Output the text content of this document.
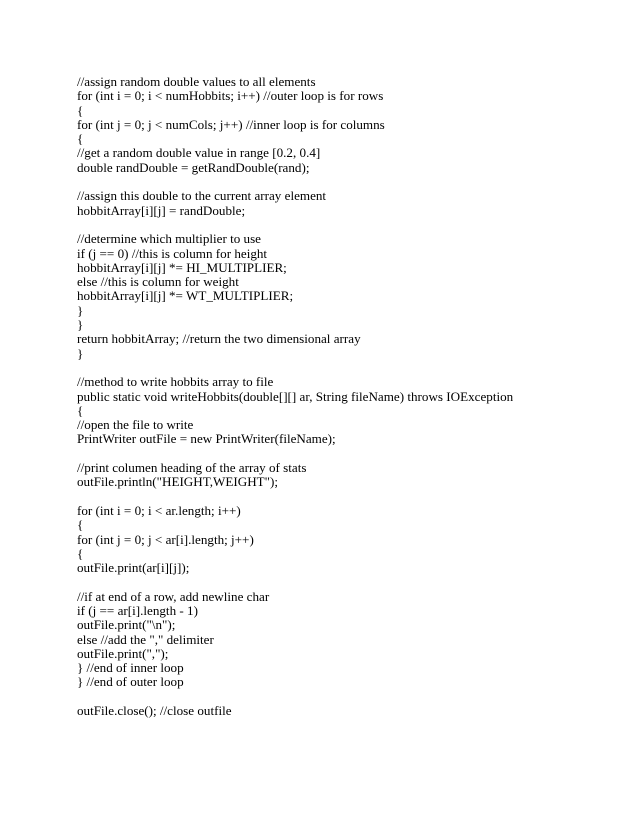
//assign random double values to all elements
for (int i = 0; i < numHobbits; i++) //outer loop is for rows
{
for (int j = 0; j < numCols; j++) //inner loop is for columns
{
//get a random double value in range [0.2, 0.4]
double randDouble = getRandDouble(rand);
//assign this double to the current array element
hobbitArray[i][j] = randDouble;
//determine which multiplier to use
if (j == 0) //this is column for height
hobbitArray[i][j] *= HI_MULTIPLIER;
else //this is column for weight
hobbitArray[i][j] *= WT_MULTIPLIER;
}
}
return hobbitArray; //return the two dimensional array
}
//method to write hobbits array to file
public static void writeHobbits(double[][] ar, String fileName) throws IOException
{
//open the file to write
PrintWriter outFile = new PrintWriter(fileName);
//print columen heading of the array of stats
outFile.println("HEIGHT,WEIGHT");
for (int i = 0; i < ar.length; i++)
{
for (int j = 0; j < ar[i].length; j++)
{
outFile.print(ar[i][j]);
//if at end of a row, add newline char
if (j == ar[i].length - 1)
outFile.print("\n");
else //add the "," delimiter
outFile.print(",");
} //end of inner loop
} //end of outer loop
outFile.close(); //close outfile
